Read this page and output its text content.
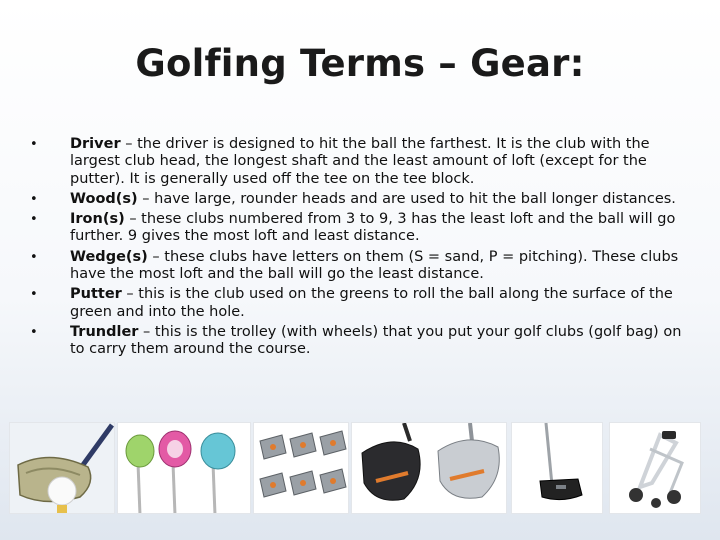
Golfing Terms – Gear:
• Driver – the driver is designed to hit the ball the farthest. It is the club with the largest club head, the longest shaft and the least amount of loft (except for the putter). It is generally used off the tee on the tee block.
• Wood(s) – have large, rounder heads and are used to hit the ball longer distances.
• Iron(s) – these clubs numbered from 3 to 9, 3 has the least loft and the ball will go further. 9 gives the most loft and least distance.
• Wedge(s) – these clubs have letters on them (S = sand, P = pitching). These clubs have the most loft and the ball will go the least distance.
• Putter – this is the club used on the greens to roll the ball along the surface of the green and into the hole.
• Trundler – this is the trolley (with wheels) that you put your golf clubs (golf bag) on to carry them around the course.
